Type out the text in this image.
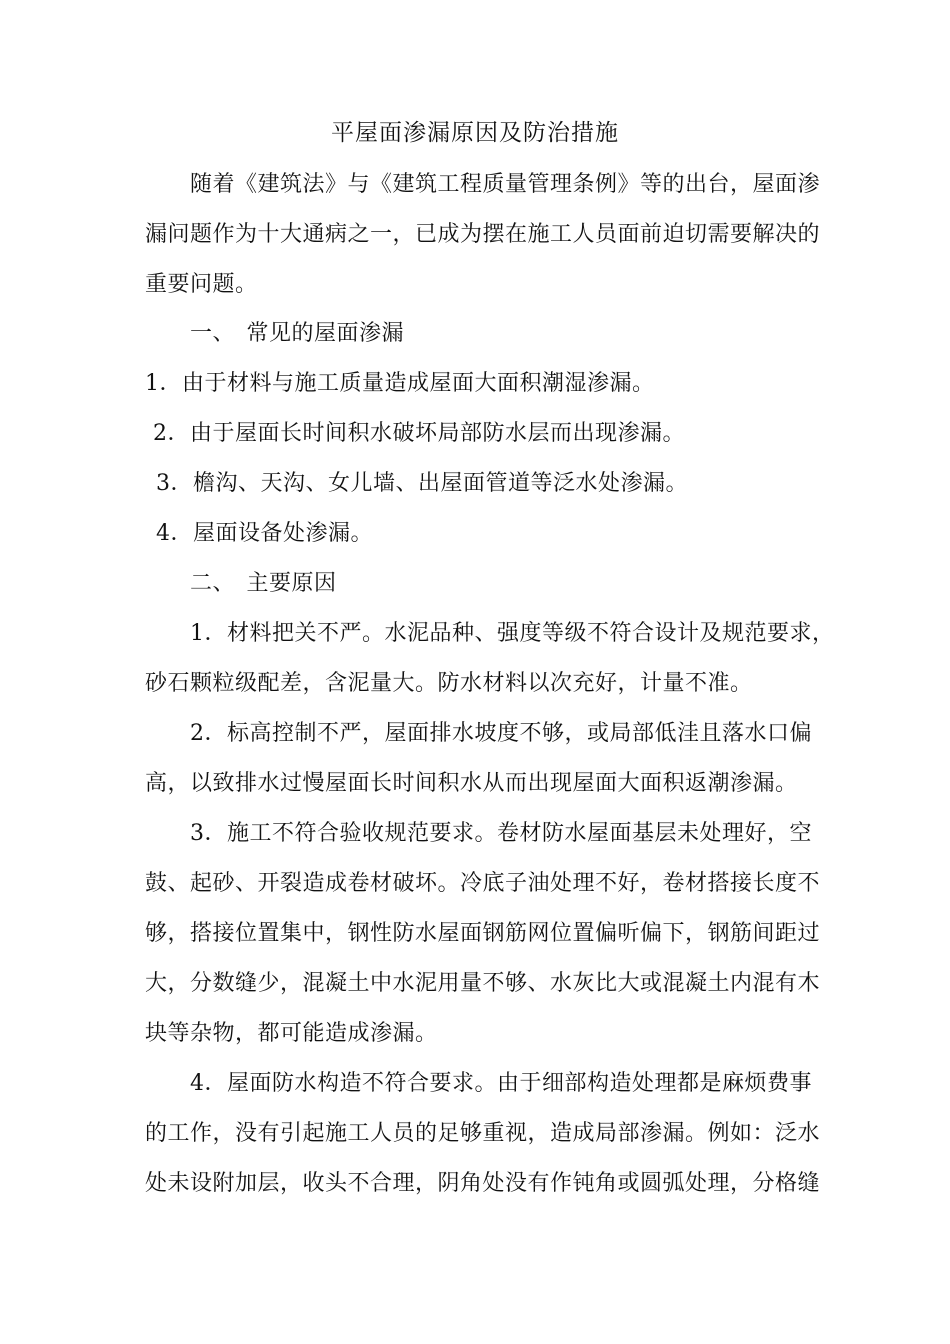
平屋面渗漏原因及防治措施
　　随着《建筑法》与《建筑工程质量管理条例》等的出台，屋面渗
漏问题作为十大通病之一，已成为摆在施工人员面前迫切需要解决的
重要问题。
一、　常见的屋面渗漏
1．由于材料与施工质量造成屋面大面积潮湿渗漏。
2．由于屋面长时间积水破坏局部防水层而出现渗漏。
3．檐沟、天沟、女儿墙、出屋面管道等泛水处渗漏。
4．屋面设备处渗漏。
二、　主要原因
　　1．材料把关不严。水泥品种、强度等级不符合设计及规范要求，
砂石颗粒级配差，含泥量大。防水材料以次充好，计量不准。
　　2．标高控制不严，屋面排水坡度不够，或局部低洼且落水口偏
高，以致排水过慢屋面长时间积水从而出现屋面大面积返潮渗漏。
　　3．施工不符合验收规范要求。卷材防水屋面基层未处理好，空
鼓、起砂、开裂造成卷材破坏。冷底子油处理不好，卷材搭接长度不
够，搭接位置集中，钢性防水屋面钢筋网位置偏听偏下，钢筋间距过
大，分数缝少，混凝土中水泥用量不够、水灰比大或混凝土内混有木
块等杂物，都可能造成渗漏。
　　4．屋面防水构造不符合要求。由于细部构造处理都是麻烦费事
的工作，没有引起施工人员的足够重视，造成局部渗漏。例如：泛水
处未设附加层，收头不合理，阴角处没有作钝角或圆弧处理，分格缝
